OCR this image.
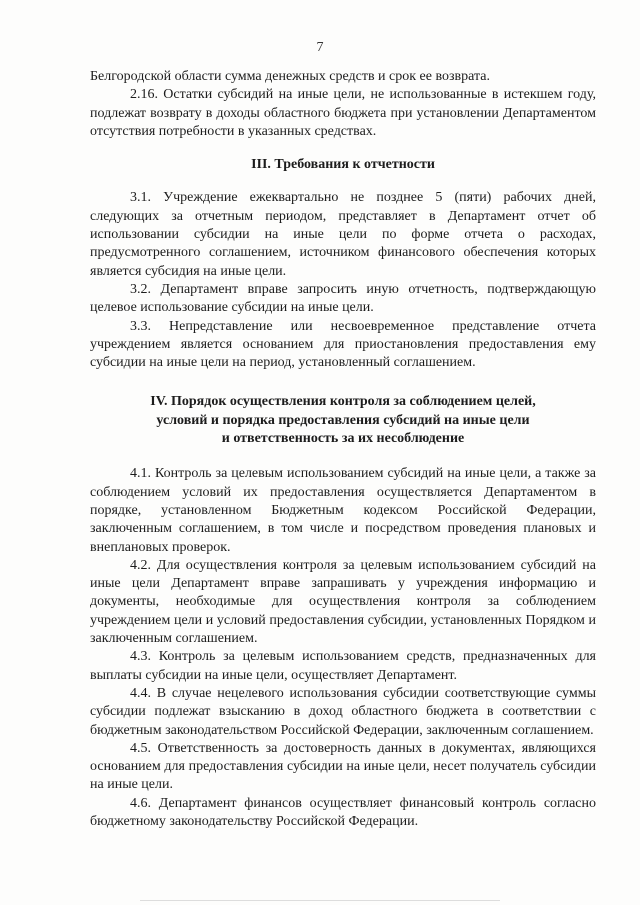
7

Белгородской области сумма денежных средств и срок ее возврата.

2.16. Остатки субсидий на иные цели, не использованные в истекшем году, подлежат возврату в доходы областного бюджета при установлении Департаментом отсутствия потребности в указанных средствах.

III. Требования к отчетности

3.1. Учреждение ежеквартально не позднее 5 (пяти) рабочих дней, следующих за отчетным периодом, представляет в Департамент отчет об использовании субсидии на иные цели по форме отчета о расходах, предусмотренного соглашением, источником финансового обеспечения которых является субсидия на иные цели.

3.2. Департамент вправе запросить иную отчетность, подтверждающую целевое использование субсидии на иные цели.

3.3. Непредставление или несвоевременное представление отчета учреждением является основанием для приостановления предоставления ему субсидии на иные цели на период, установленный соглашением.

IV. Порядок осуществления контроля за соблюдением целей,

условий и порядка предоставления субсидий на иные цели

и ответственность за их несоблюдение

4.1. Контроль за целевым использованием субсидий на иные цели, а также за соблюдением условий их предоставления осуществляется Департаментом в порядке, установленном Бюджетным кодексом Российской Федерации, заключенным соглашением, в том числе и посредством проведения плановых и внеплановых проверок.

4.2. Для осуществления контроля за целевым использованием субсидий на иные цели Департамент вправе запрашивать у учреждения информацию и документы, необходимые для осуществления контроля за соблюдением учреждением цели и условий предоставления субсидии, установленных Порядком и заключенным соглашением.

4.3. Контроль за целевым использованием средств, предназначенных для выплаты субсидии на иные цели, осуществляет Департамент.

4.4. В случае нецелевого использования субсидии соответствующие суммы субсидии подлежат взысканию в доход областного бюджета в соответствии с бюджетным законодательством Российской Федерации, заключенным соглашением.

4.5. Ответственность за достоверность данных в документах, являющихся основанием для предоставления субсидии на иные цели, несет получатель субсидии на иные цели.

4.6. Департамент финансов осуществляет финансовый контроль согласно бюджетному законодательству Российской Федерации.
